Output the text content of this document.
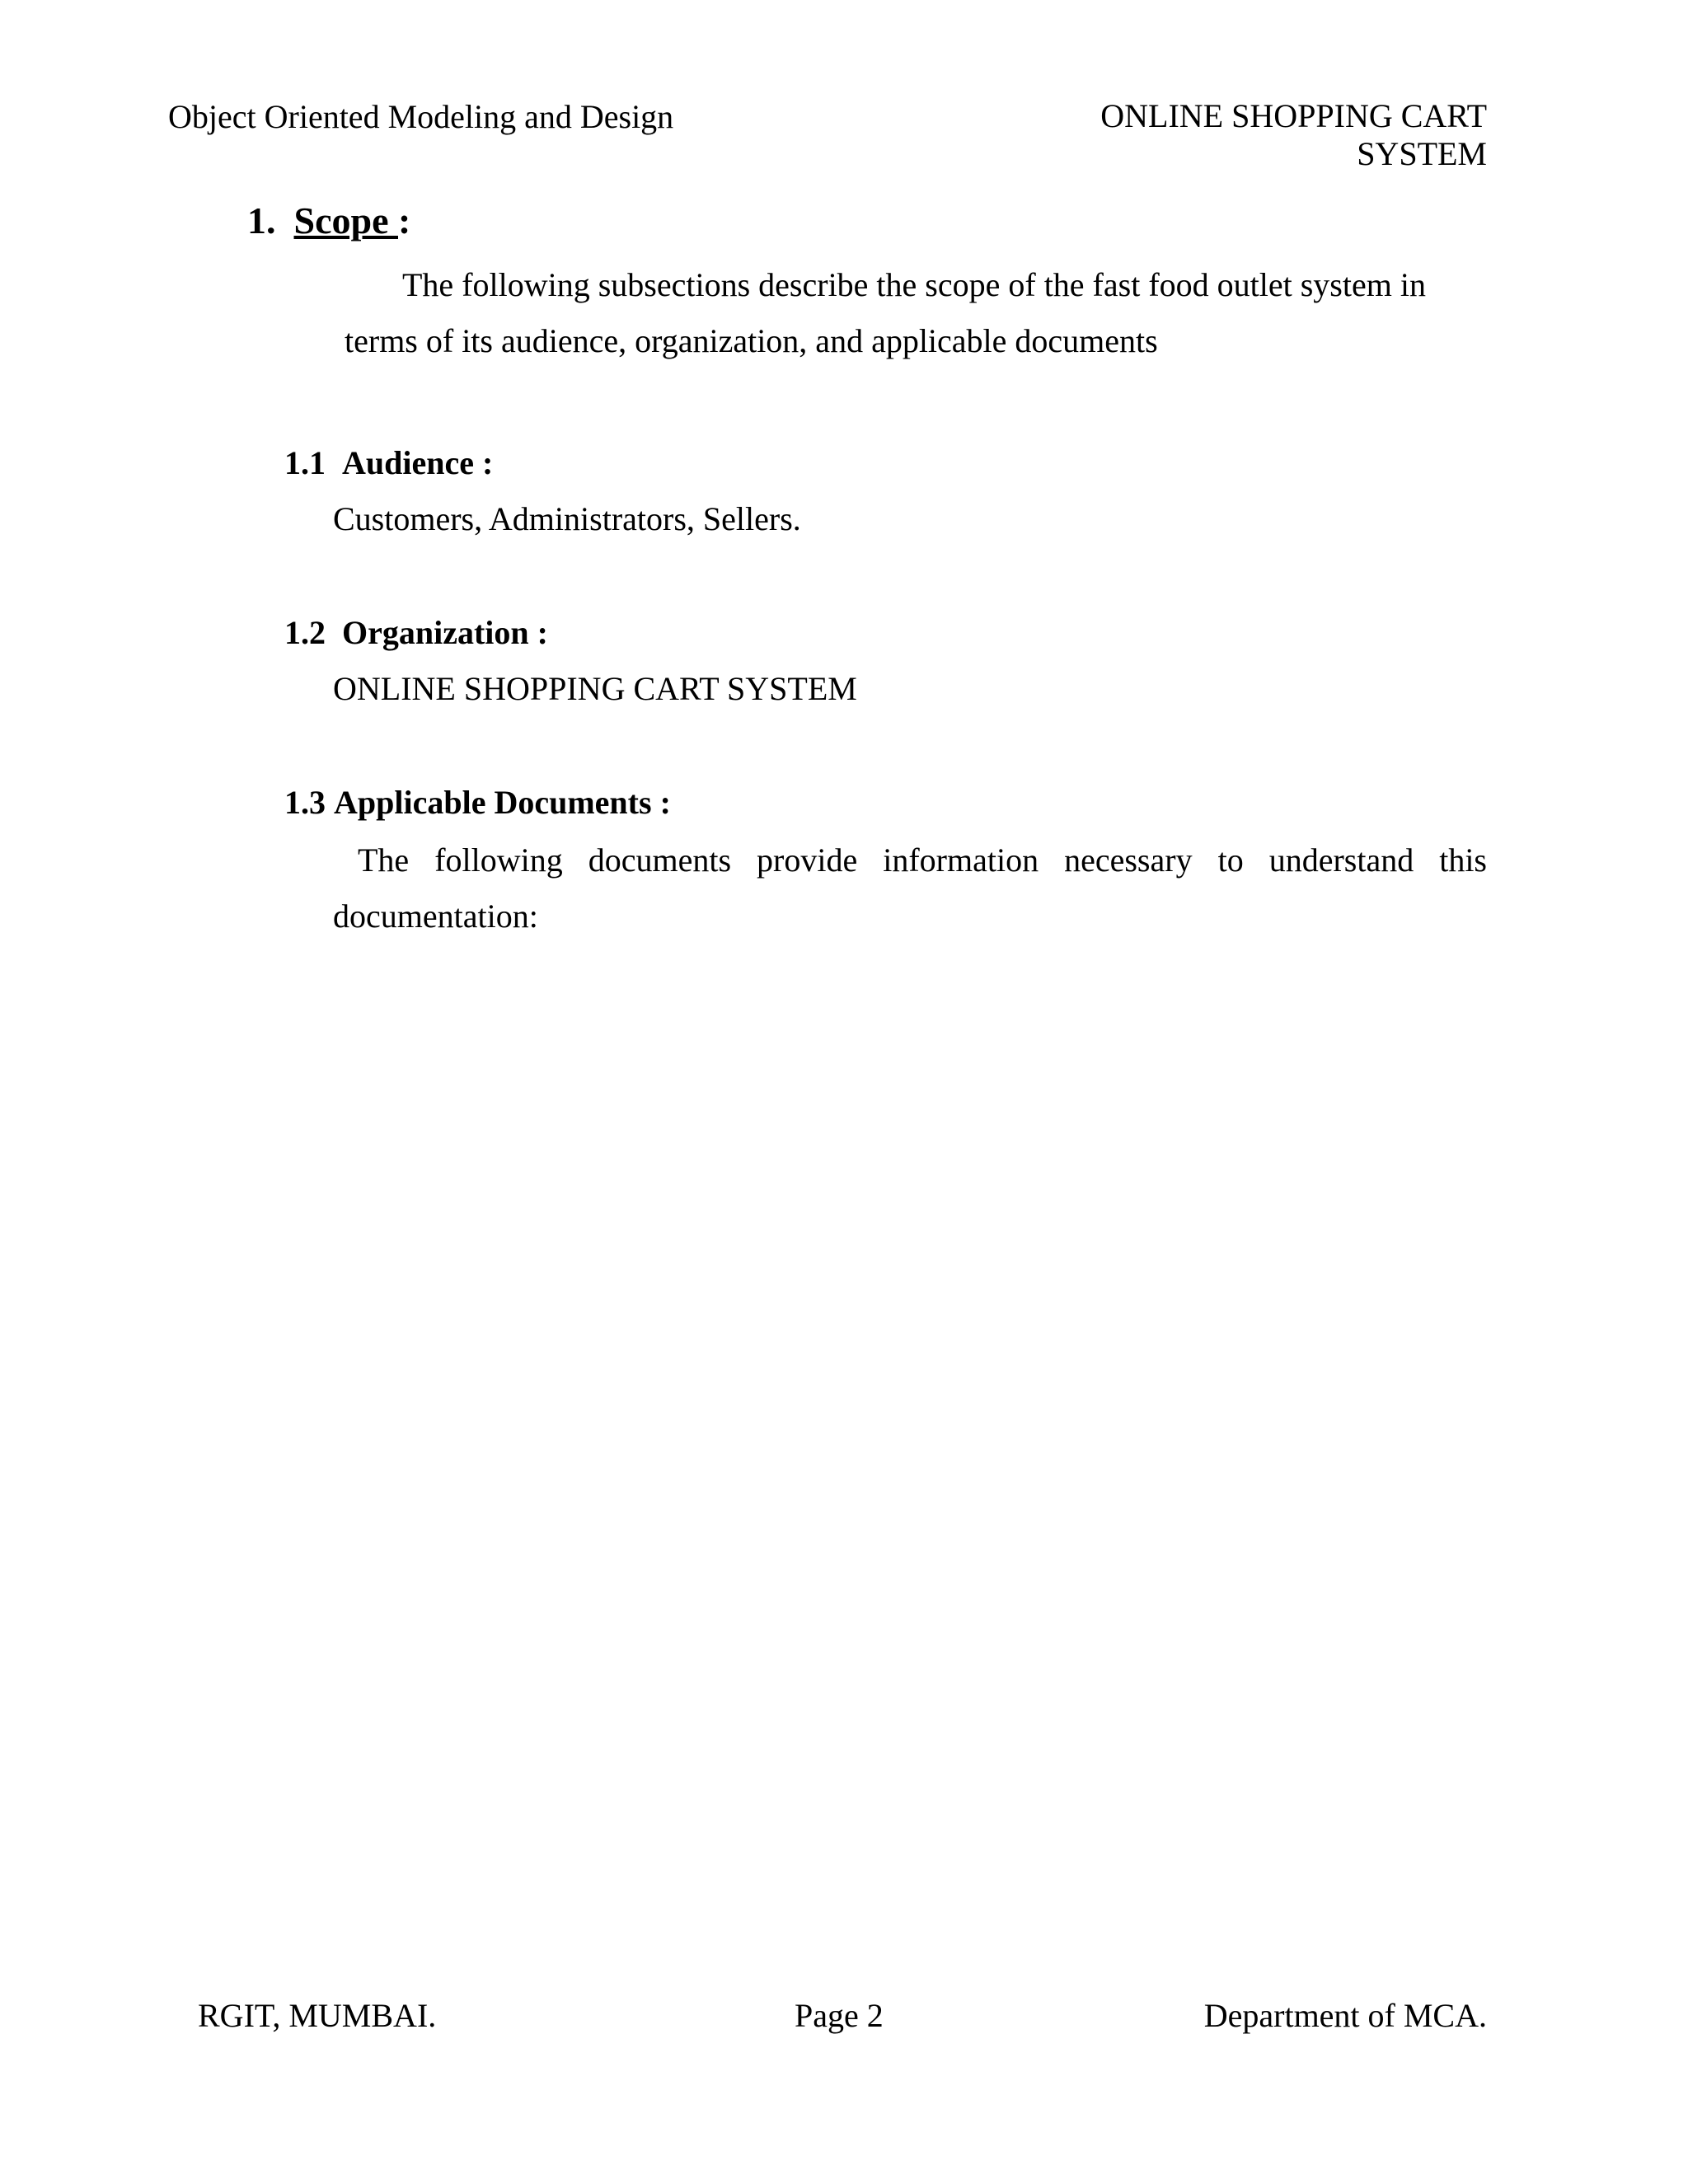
Object Oriented Modeling and Design	ONLINE SHOPPING CART
SYSTEM
1. Scope :
The following subsections describe the scope of the fast food outlet system in terms of its audience, organization, and applicable documents
1.1 Audience :
Customers, Administrators, Sellers.
1.2 Organization :
ONLINE SHOPPING CART SYSTEM
1.3 Applicable Documents :
The following documents provide information necessary to understand this documentation:
RGIT, MUMBAI.	Page 2	Department of MCA.
